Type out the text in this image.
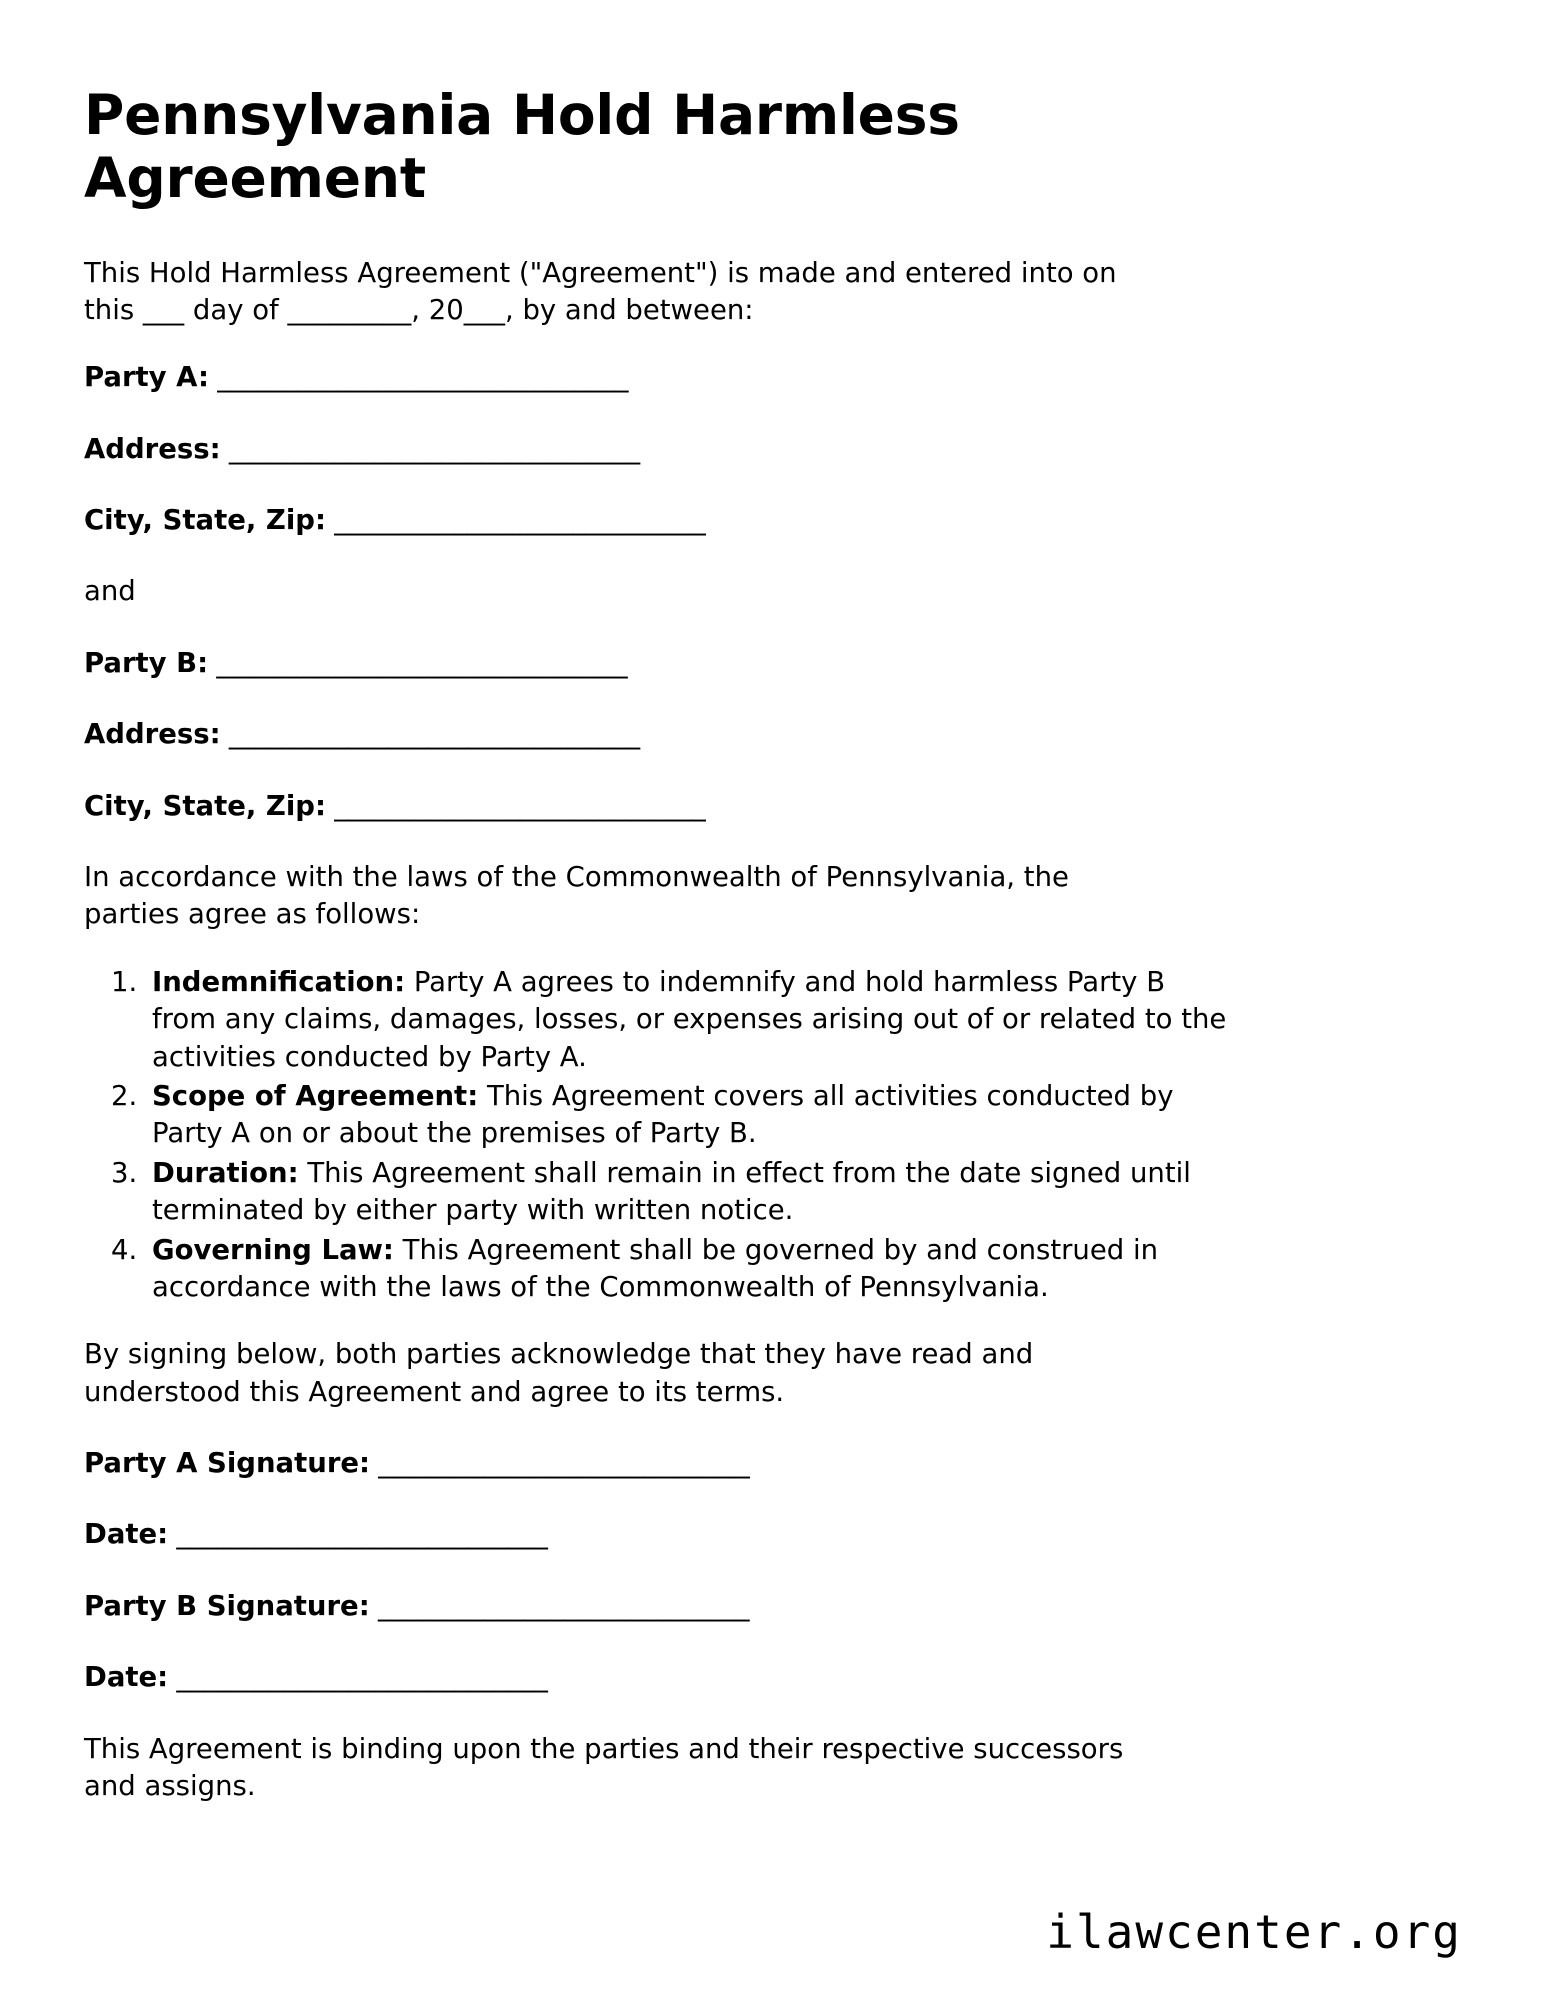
Pennsylvania Hold Harmless Agreement

This Hold Harmless Agreement ("Agreement") is made and entered into on this ___ day of _________, 20___, by and between:

Party A: _______________________________
Address: _______________________________
City, State, Zip: ____________________________
and
Party B: _______________________________
Address: _______________________________
City, State, Zip: ____________________________

In accordance with the laws of the Commonwealth of Pennsylvania, the parties agree as follows:

1. Indemnification: Party A agrees to indemnify and hold harmless Party B from any claims, damages, losses, or expenses arising out of or related to the activities conducted by Party A.
2. Scope of Agreement: This Agreement covers all activities conducted by Party A on or about the premises of Party B.
3. Duration: This Agreement shall remain in effect from the date signed until terminated by either party with written notice.
4. Governing Law: This Agreement shall be governed by and construed in accordance with the laws of the Commonwealth of Pennsylvania.

By signing below, both parties acknowledge that they have read and understood this Agreement and agree to its terms.

Party A Signature: ____________________________
Date: ____________________________
Party B Signature: ____________________________
Date: ____________________________

This Agreement is binding upon the parties and their respective successors and assigns.

ilawcenter.org
